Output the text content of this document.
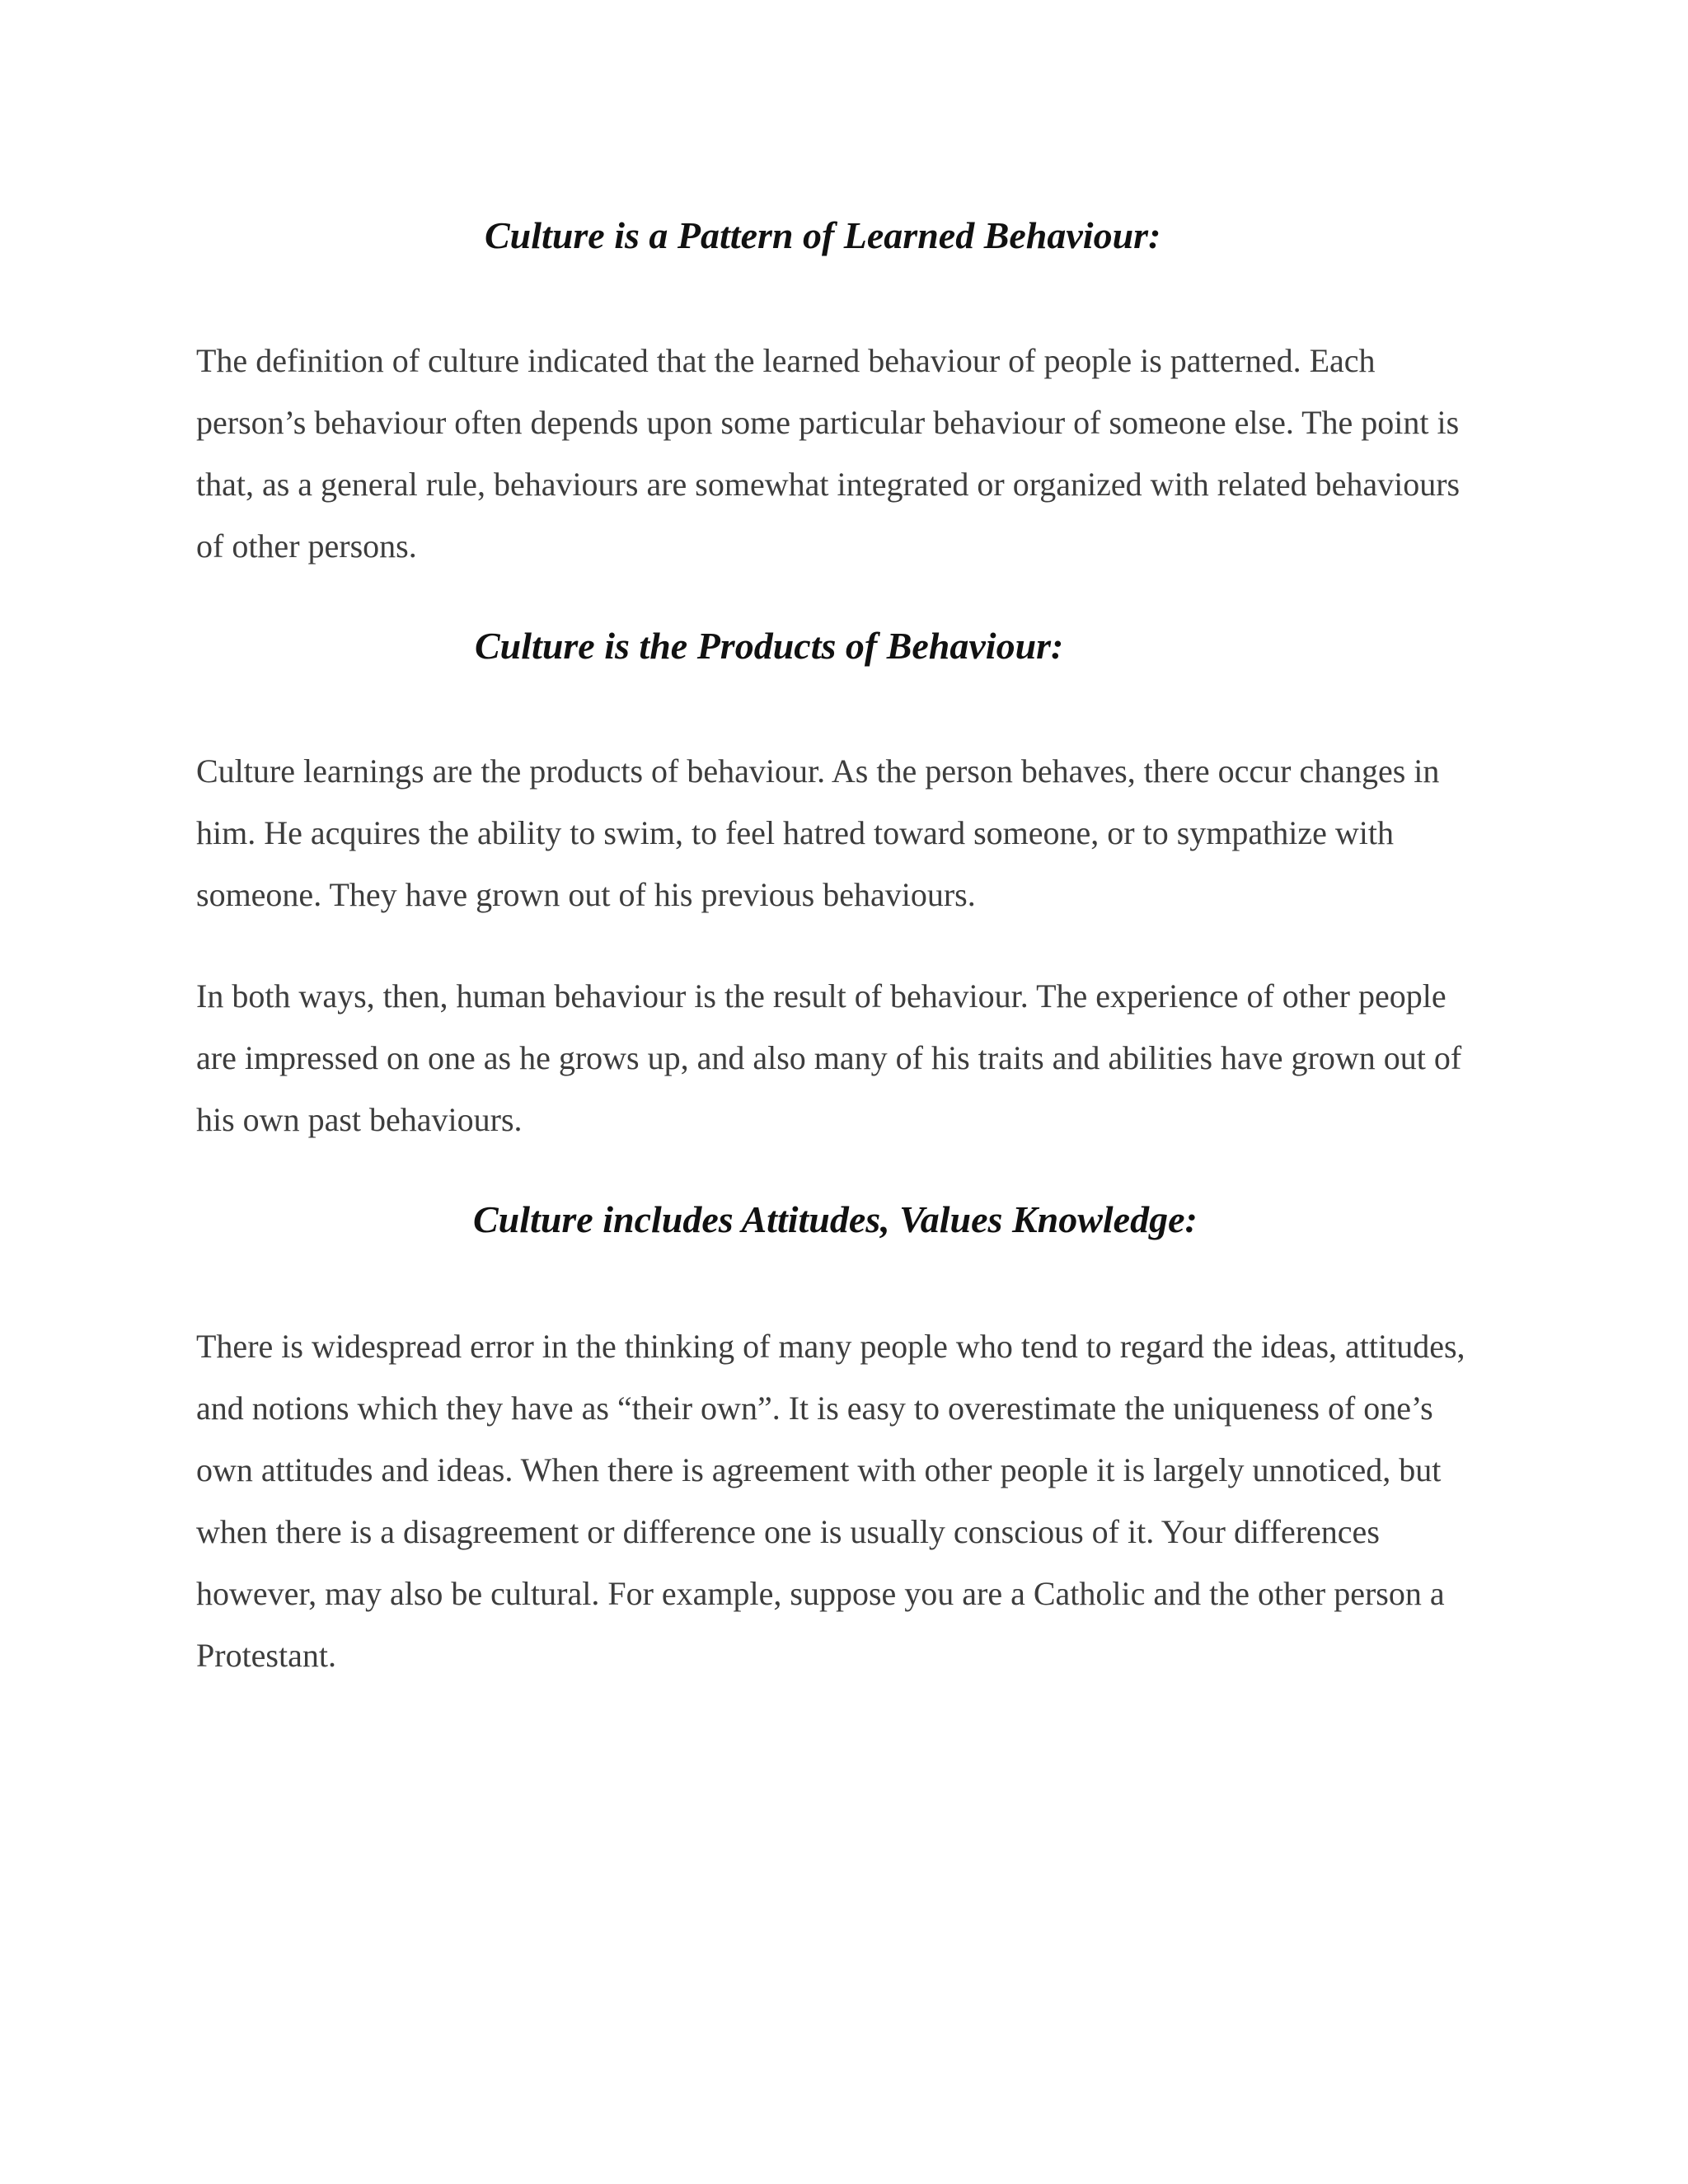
Culture is a Pattern of Learned Behaviour:

The definition of culture indicated that the learned behaviour of people is patterned. Each
person’s behaviour often depends upon some particular behaviour of someone else. The point is
that, as a general rule, behaviours are somewhat integrated or organized with related behaviours
of other persons.

Culture is the Products of Behaviour:

Culture learnings are the products of behaviour. As the person behaves, there occur changes in
him. He acquires the ability to swim, to feel hatred toward someone, or to sympathize with
someone. They have grown out of his previous behaviours.

In both ways, then, human behaviour is the result of behaviour. The experience of other people
are impressed on one as he grows up, and also many of his traits and abilities have grown out of
his own past behaviours.

Culture includes Attitudes, Values Knowledge:

There is widespread error in the thinking of many people who tend to regard the ideas, attitudes,
and notions which they have as “their own”. It is easy to overestimate the uniqueness of one’s
own attitudes and ideas. When there is agreement with other people it is largely unnoticed, but
when there is a disagreement or difference one is usually conscious of it. Your differences
however, may also be cultural. For example, suppose you are a Catholic and the other person a
Protestant.
